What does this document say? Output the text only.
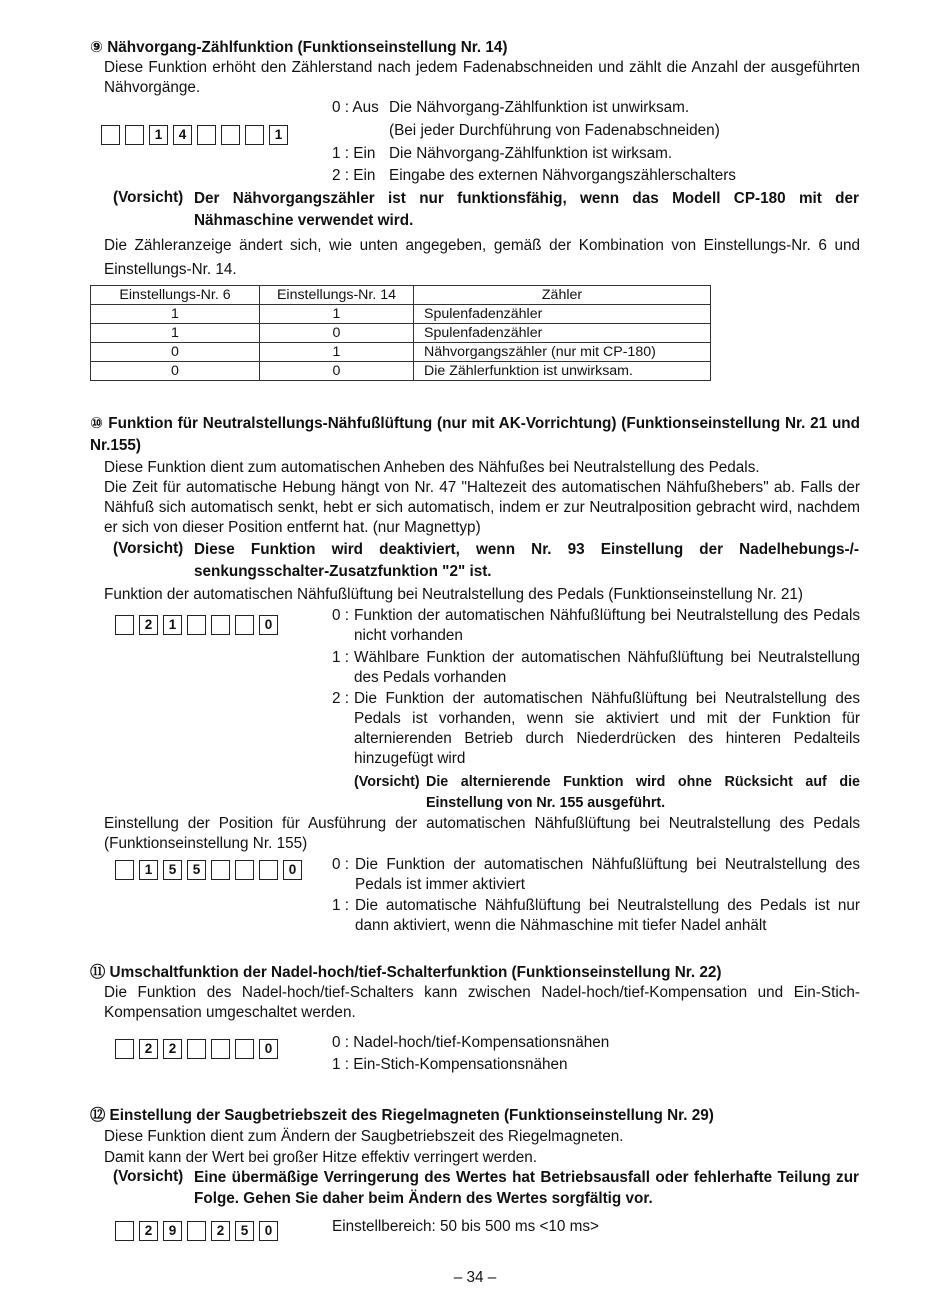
⑨ Nähvorgang-Zählfunktion (Funktionseinstellung Nr. 14)
Diese Funktion erhöht den Zählerstand nach jedem Fadenabschneiden und zählt die Anzahl der ausgeführten Nähvorgänge.
1	4	1
0 : Aus Die Nähvorgang-Zählfunktion ist unwirksam.
(Bei jeder Durchführung von Fadenabschneiden)
1 : Ein Die Nähvorgang-Zählfunktion ist wirksam.
2 : Ein Eingabe des externen Nähvorgangszählerschalters
(Vorsicht) Der Nähvorgangszähler ist nur funktionsfähig, wenn das Modell CP-180 mit der Nähmaschine verwendet wird.
Die Zähleranzeige ändert sich, wie unten angegeben, gemäß der Kombination von Einstellungs-Nr. 6 und Einstellungs-Nr. 14.
Einstellungs-Nr. 6	Einstellungs-Nr. 14	Zähler
1	1	Spulenfadenzähler
1	0	Spulenfadenzähler
0	1	Nähvorgangszähler (nur mit CP-180)
0	0	Die Zählerfunktion ist unwirksam.
⑩ Funktion für Neutralstellungs-Nähfußlüftung (nur mit AK-Vorrichtung) (Funktionseinstellung Nr. 21 und Nr.155)
Diese Funktion dient zum automatischen Anheben des Nähfußes bei Neutralstellung des Pedals.
Die Zeit für automatische Hebung hängt von Nr. 47 "Haltezeit des automatischen Nähfußhebers" ab. Falls der Nähfuß sich automatisch senkt, hebt er sich automatisch, indem er zur Neutralposition gebracht wird, nachdem er sich von dieser Position entfernt hat. (nur Magnettyp)
(Vorsicht) Diese Funktion wird deaktiviert, wenn Nr. 93 Einstellung der Nadelhebungs-/-senkungsschalter-Zusatzfunktion "2" ist.
Funktion der automatischen Nähfußlüftung bei Neutralstellung des Pedals (Funktionseinstellung Nr. 21)
2	1	0
0 : Funktion der automatischen Nähfußlüftung bei Neutralstellung des Pedals nicht vorhanden
1 : Wählbare Funktion der automatischen Nähfußlüftung bei Neutralstellung des Pedals vorhanden
2 : Die Funktion der automatischen Nähfußlüftung bei Neutralstellung des Pedals ist vorhanden, wenn sie aktiviert und mit der Funktion für alternierenden Betrieb durch Niederdrücken des hinteren Pedalteils hinzugefügt wird
(Vorsicht) Die alternierende Funktion wird ohne Rücksicht auf die Einstellung von Nr. 155 ausgeführt.
Einstellung der Position für Ausführung der automatischen Nähfußlüftung bei Neutralstellung des Pedals (Funktionseinstellung Nr. 155)
1	5	5	0	0 : Die Funktion der automatischen Nähfußlüftung bei Neutralstellung des Pedals ist immer aktiviert
1 : Die automatische Nähfußlüftung bei Neutralstellung des Pedals ist nur dann aktiviert, wenn die Nähmaschine mit tiefer Nadel anhält
⑪ Umschaltfunktion der Nadel-hoch/tief-Schalterfunktion (Funktionseinstellung Nr. 22)
Die Funktion des Nadel-hoch/tief-Schalters kann zwischen Nadel-hoch/tief-Kompensation und Ein-Stich-Kompensation umgeschaltet werden.
2	2	0	0 : Nadel-hoch/tief-Kompensationsnähen
1 : Ein-Stich-Kompensationsnähen
⑫ Einstellung der Saugbetriebszeit des Riegelmagneten (Funktionseinstellung Nr. 29)
Diese Funktion dient zum Ändern der Saugbetriebszeit des Riegelmagneten.
Damit kann der Wert bei großer Hitze effektiv verringert werden.
(Vorsicht) Eine übermäßige Verringerung des Wertes hat Betriebsausfall oder fehlerhafte Teilung zur Folge. Gehen Sie daher beim Ändern des Wertes sorgfältig vor.
2	9	2	5	0	Einstellbereich: 50 bis 500 ms <10 ms>
– 34 –
